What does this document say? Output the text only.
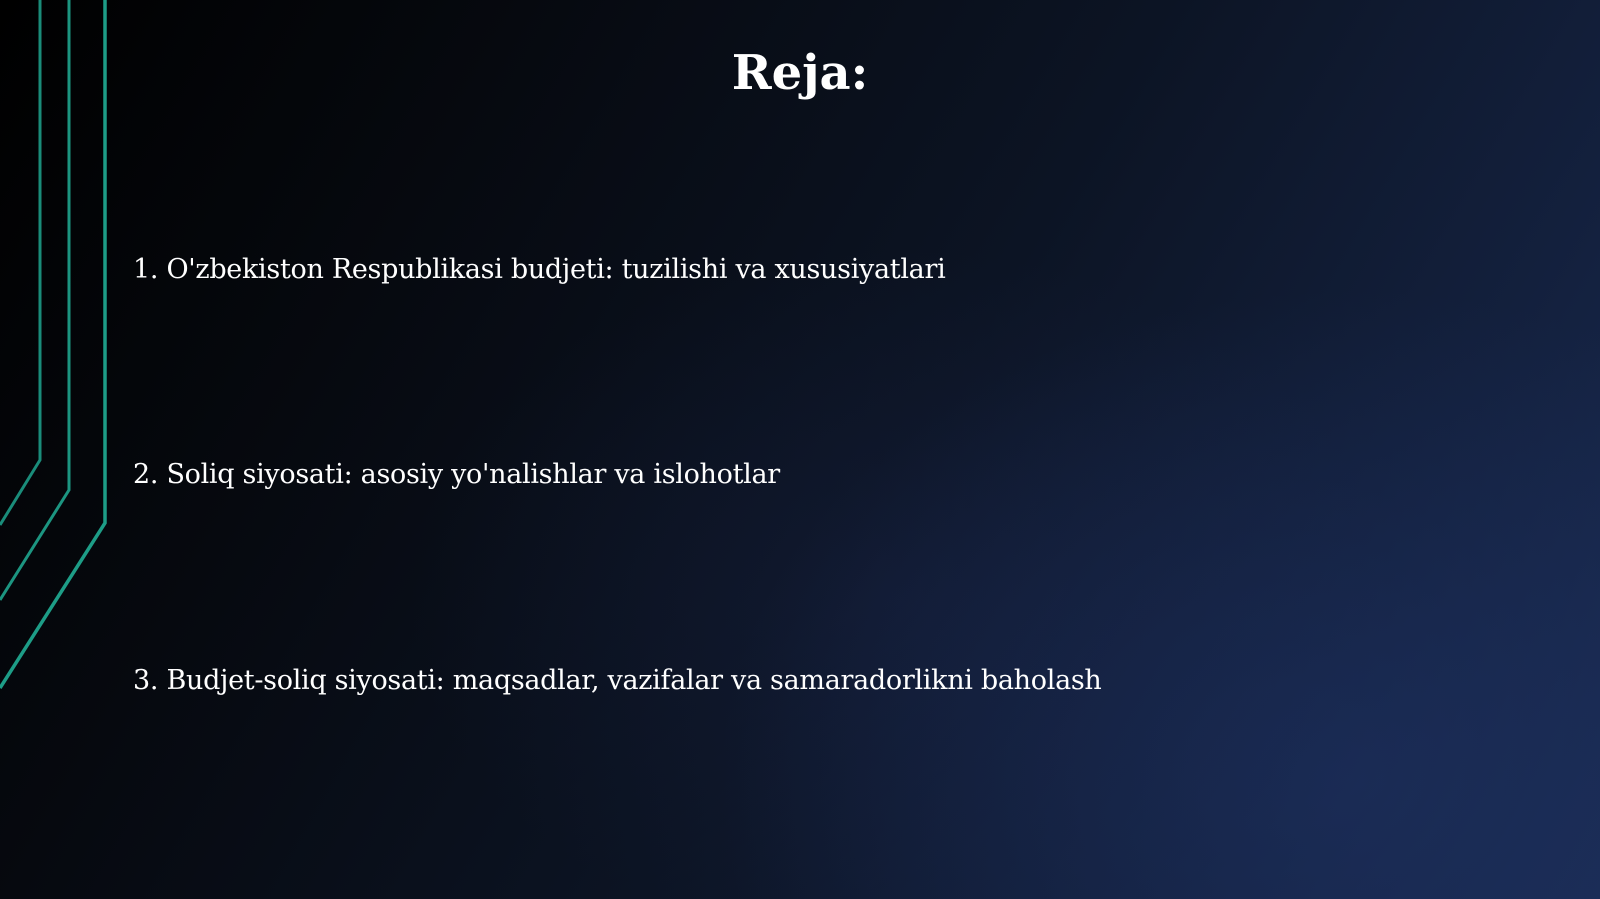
Reja:

1. O'zbekiston Respublikasi budjeti: tuzilishi va xususiyatlari

2. Soliq siyosati: asosiy yo'nalishlar va islohotlar

3. Budjet-soliq siyosati: maqsadlar, vazifalar va samaradorlikni baholash
